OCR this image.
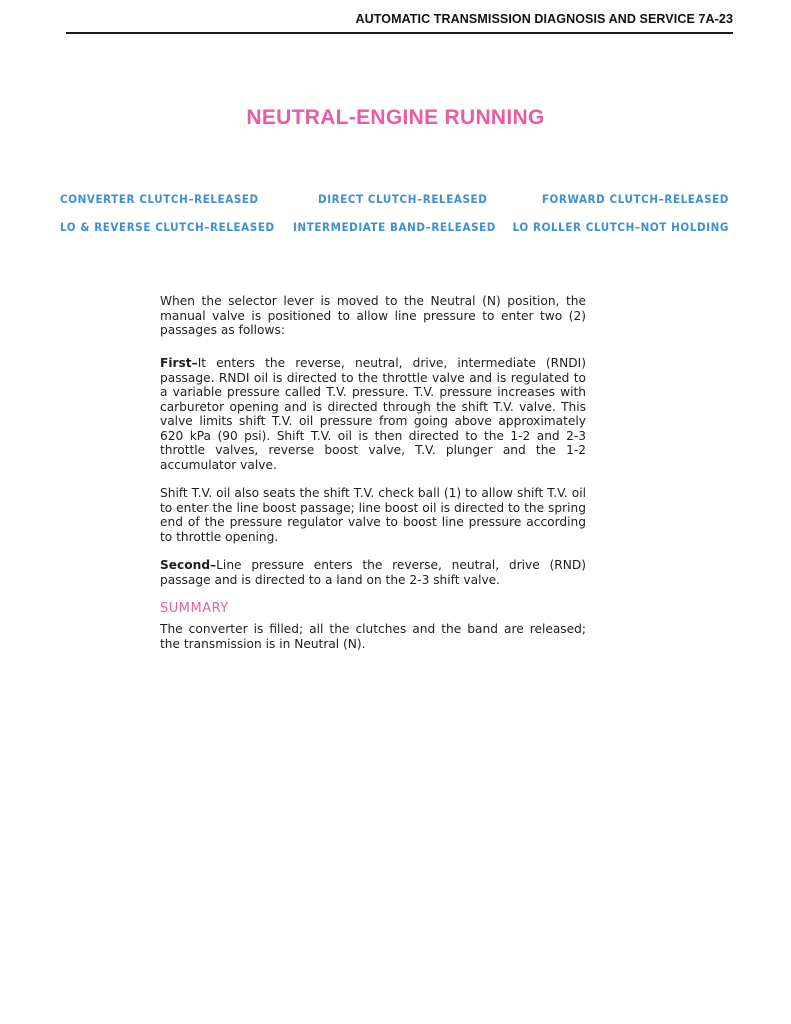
AUTOMATIC TRANSMISSION DIAGNOSIS AND SERVICE 7A-23
NEUTRAL-ENGINE RUNNING
CONVERTER CLUTCH–RELEASED	DIRECT CLUTCH–RELEASED	FORWARD CLUTCH–RELEASED
LO & REVERSE CLUTCH–RELEASED INTERMEDIATE BAND–RELEASED LO ROLLER CLUTCH–NOT HOLDING

When the selector lever is moved to the Neutral (N) position, the manual valve is positioned to allow line pressure to enter two (2) passages as follows:

First–It enters the reverse, neutral, drive, intermediate (RNDI) passage. RNDI oil is directed to the throttle valve and is regulated to a variable pressure called T.V. pressure. T.V. pressure increases with carburetor opening and is directed through the shift T.V. valve. This valve limits shift T.V. oil pressure from going above approximately 620 kPa (90 psi). Shift T.V. oil is then directed to the 1-2 and 2-3 throttle valves, reverse boost valve, T.V. plunger and the 1-2 accumulator valve.

Shift T.V. oil also seats the shift T.V. check ball (1) to allow shift T.V. oil to enter the line boost passage; line boost oil is directed to the spring end of the pressure regulator valve to boost line pressure according to throttle opening.

Second–Line pressure enters the reverse, neutral, drive (RND) passage and is directed to a land on the 2-3 shift valve.

SUMMARY

The converter is filled; all the clutches and the band are released; the transmission is in Neutral (N).
